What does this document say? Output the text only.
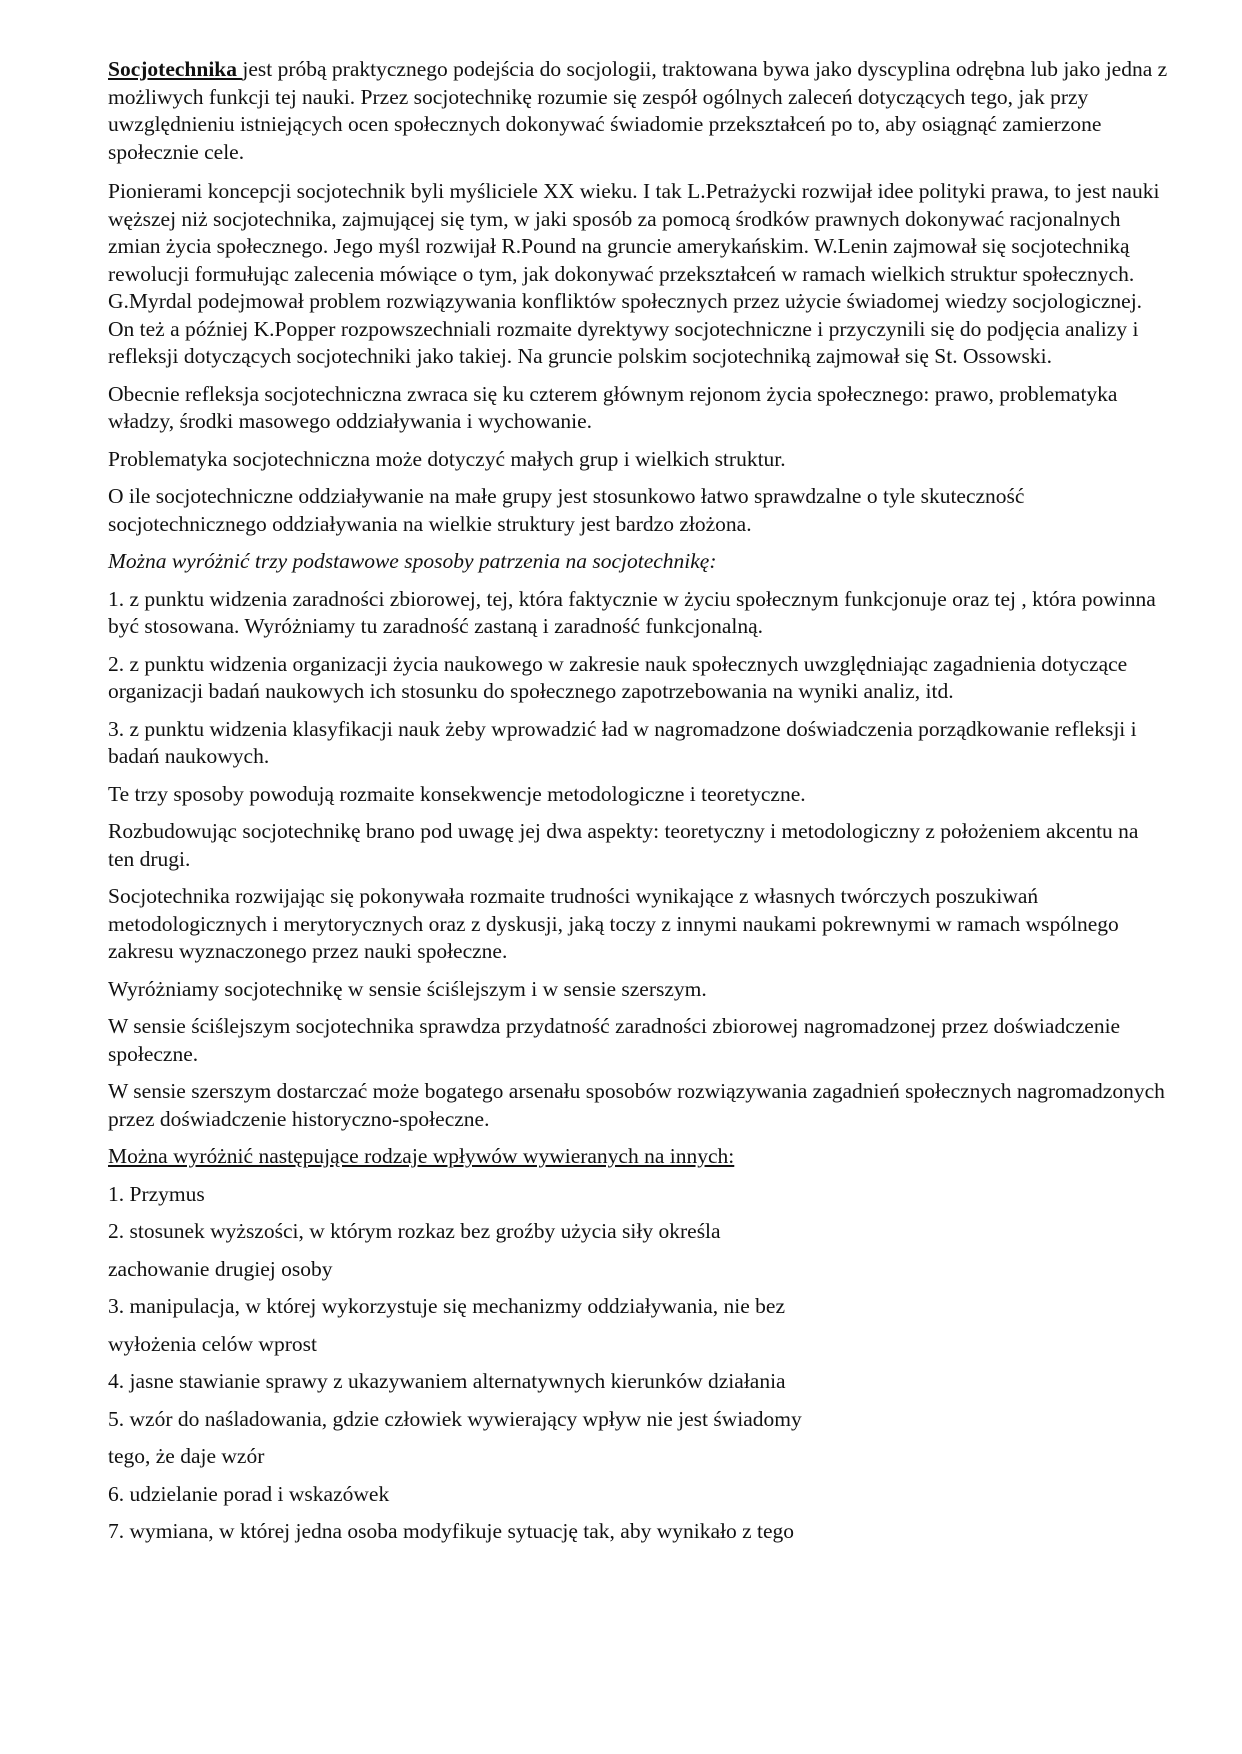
Socjotechnika jest próbą praktycznego podejścia do socjologii, traktowana bywa jako dyscyplina odrębna lub jako jedna z możliwych funkcji tej nauki. Przez socjotechnikę rozumie się zespół ogólnych zaleceń dotyczących tego, jak przy uwzględnieniu istniejących ocen społecznych dokonywać świadomie przekształceń po to, aby osiągnąć zamierzone społecznie cele.

Pionierami koncepcji socjotechnik byli myśliciele XX wieku. I tak L.Petrażycki rozwijał idee polityki prawa, to jest nauki węższej niż socjotechnika, zajmującej się tym, w jaki sposób za pomocą środków prawnych dokonywać racjonalnych zmian życia społecznego. Jego myśl rozwijał R.Pound na gruncie amerykańskim. W.Lenin zajmował się socjotechniką rewolucji formułując zalecenia mówiące o tym, jak dokonywać przekształceń w ramach wielkich struktur społecznych. G.Myrdal podejmował problem rozwiązywania konfliktów społecznych przez użycie świadomej wiedzy socjologicznej. On też a później K.Popper rozpowszechniali rozmaite dyrektywy socjotechniczne i przyczynili się do podjęcia analizy i refleksji dotyczących socjotechniki jako takiej. Na gruncie polskim socjotechniką zajmował się St. Ossowski.

Obecnie refleksja socjotechniczna zwraca się ku czterem głównym rejonom życia społecznego: prawo, problematyka władzy, środki masowego oddziaływania i wychowanie.

Problematyka socjotechniczna może dotyczyć małych grup i wielkich struktur.

O ile socjotechniczne oddziaływanie na małe grupy jest stosunkowo łatwo sprawdzalne o tyle skuteczność socjotechnicznego oddziaływania na wielkie struktury jest bardzo złożona.

Można wyróżnić trzy podstawowe sposoby patrzenia na socjotechnikę:

1. z punktu widzenia zaradności zbiorowej, tej, która faktycznie w życiu społecznym funkcjonuje oraz tej , która powinna być stosowana. Wyróżniamy tu zaradność zastaną i zaradność funkcjonalną.

2. z punktu widzenia organizacji życia naukowego w zakresie nauk społecznych uwzględniając zagadnienia dotyczące organizacji badań naukowych ich stosunku do społecznego zapotrzebowania na wyniki analiz, itd.

3. z punktu widzenia klasyfikacji nauk żeby wprowadzić ład w nagromadzone doświadczenia porządkowanie refleksji i badań naukowych.

Te trzy sposoby powodują rozmaite konsekwencje metodologiczne i teoretyczne.

Rozbudowując socjotechnikę brano pod uwagę jej dwa aspekty: teoretyczny i metodologiczny z położeniem akcentu na ten drugi.

Socjotechnika rozwijając się pokonywała rozmaite trudności wynikające z własnych twórczych poszukiwań metodologicznych i merytorycznych oraz z dyskusji, jaką toczy z innymi naukami pokrewnymi w ramach wspólnego zakresu wyznaczonego przez nauki społeczne.

Wyróżniamy socjotechnikę w sensie ściślejszym i w sensie szerszym.

W sensie ściślejszym socjotechnika sprawdza przydatność zaradności zbiorowej nagromadzonej przez doświadczenie społeczne.

W sensie szerszym dostarczać może bogatego arsenału sposobów rozwiązywania zagadnień społecznych nagromadzonych przez doświadczenie historyczno-społeczne.

Można wyróżnić następujące rodzaje wpływów wywieranych na innych:

1. Przymus

2. stosunek wyższości, w którym rozkaz bez groźby użycia siły określa

zachowanie drugiej osoby

3. manipulacja, w której wykorzystuje się mechanizmy oddziaływania, nie bez

wyłożenia celów wprost

4. jasne stawianie sprawy z ukazywaniem alternatywnych kierunków działania

5. wzór do naśladowania, gdzie człowiek wywierający wpływ nie jest świadomy

tego, że daje wzór

6. udzielanie porad i wskazówek

7. wymiana, w której jedna osoba modyfikuje sytuację tak, aby wynikało z tego
